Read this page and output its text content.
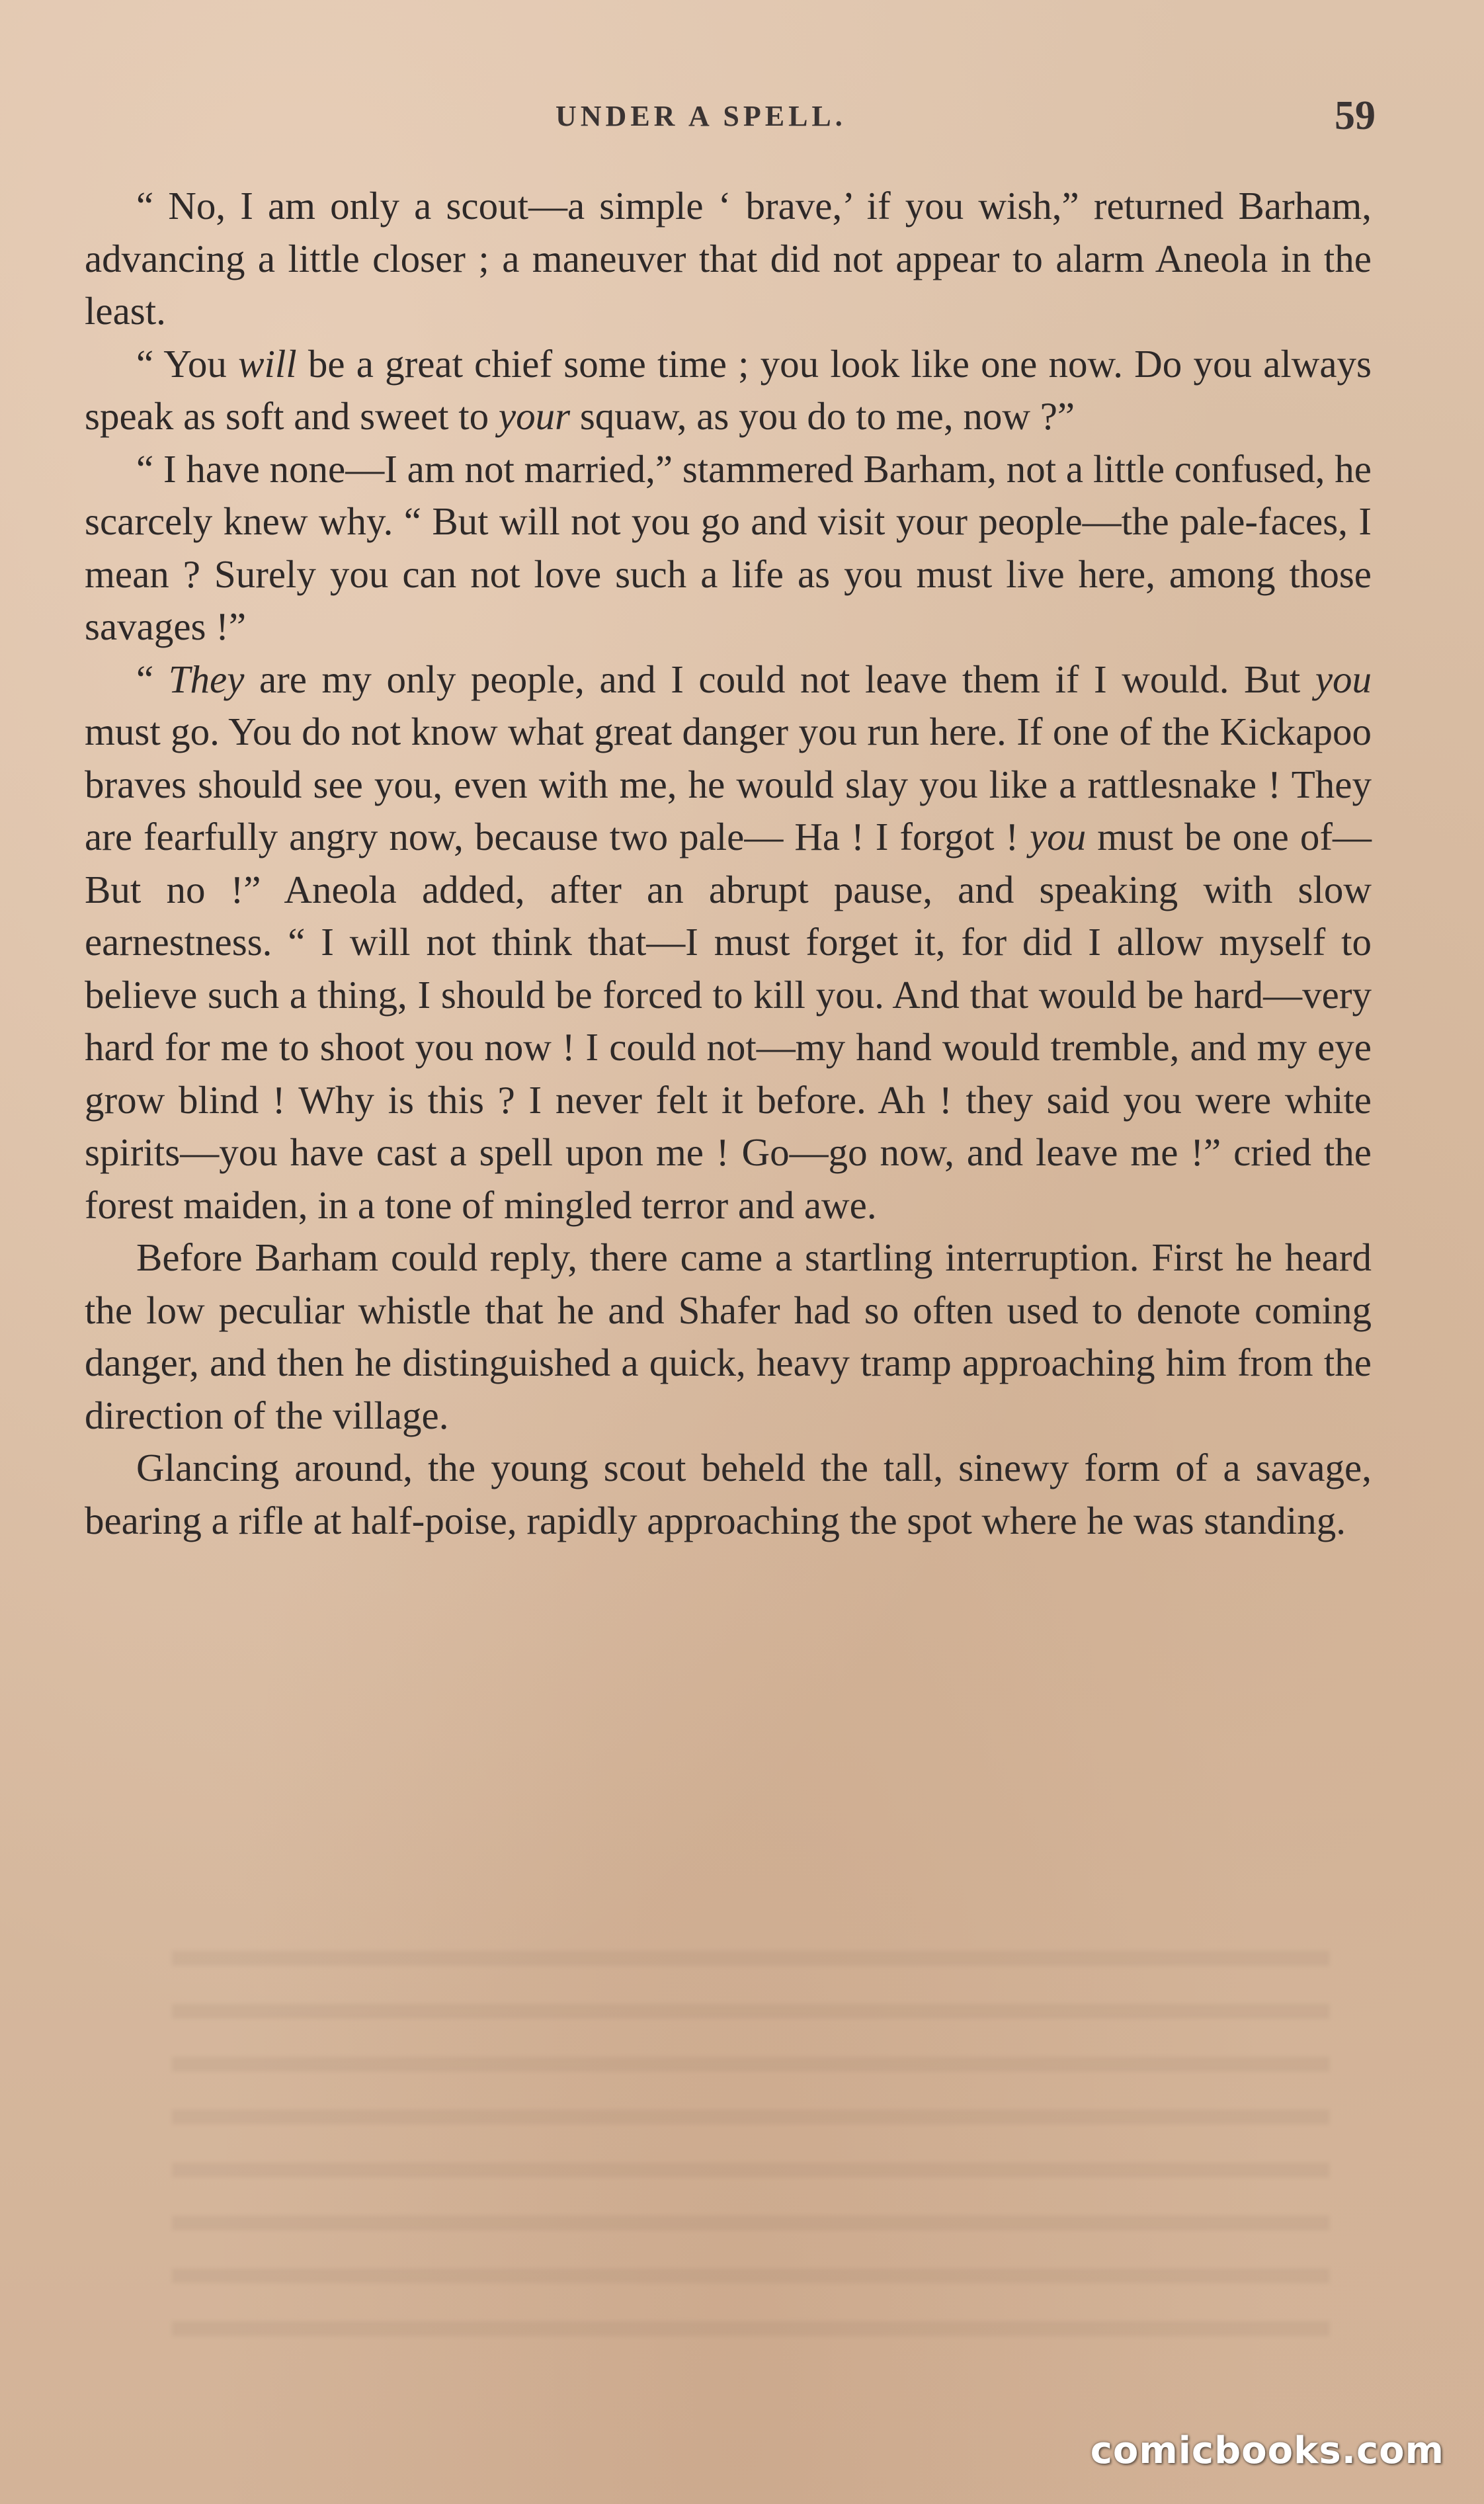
UNDER A SPELL.	59

“ No, I am only a scout—a simple ‘ brave,’ if you wish,” returned Barham, advancing a little closer ; a maneuver that did not appear to alarm Aneola in the least.

“ You will be a great chief some time ; you look like one now. Do you always speak as soft and sweet to your squaw, as you do to me, now ?”

“ I have none—I am not married,” stammered Barham, not a little confused, he scarcely knew why. “ But will not you go and visit your people—the pale-faces, I mean ? Surely you can not love such a life as you must live here, among those savages !”

“ They are my only people, and I could not leave them if I would. But you must go. You do not know what great danger you run here. If one of the Kickapoo braves should see you, even with me, he would slay you like a rattlesnake ! They are fearfully angry now, because two pale— Ha ! I forgot ! you must be one of— But no !” Aneola added, after an abrupt pause, and speaking with slow earnestness. “ I will not think that—I must forget it, for did I allow myself to believe such a thing, I should be forced to kill you. And that would be hard—very hard for me to shoot you now ! I could not—my hand would tremble, and my eye grow blind ! Why is this ? I never felt it before. Ah ! they said you were white spirits—you have cast a spell upon me ! Go—go now, and leave me !” cried the forest maiden, in a tone of mingled terror and awe.

Before Barham could reply, there came a startling interruption. First he heard the low peculiar whistle that he and Shafer had so often used to denote coming danger, and then he distinguished a quick, heavy tramp approaching him from the direction of the village.

Glancing around, the young scout beheld the tall, sinewy form of a savage, bearing a rifle at half-poise, rapidly approaching the spot where he was standing.

comicbooks.com
